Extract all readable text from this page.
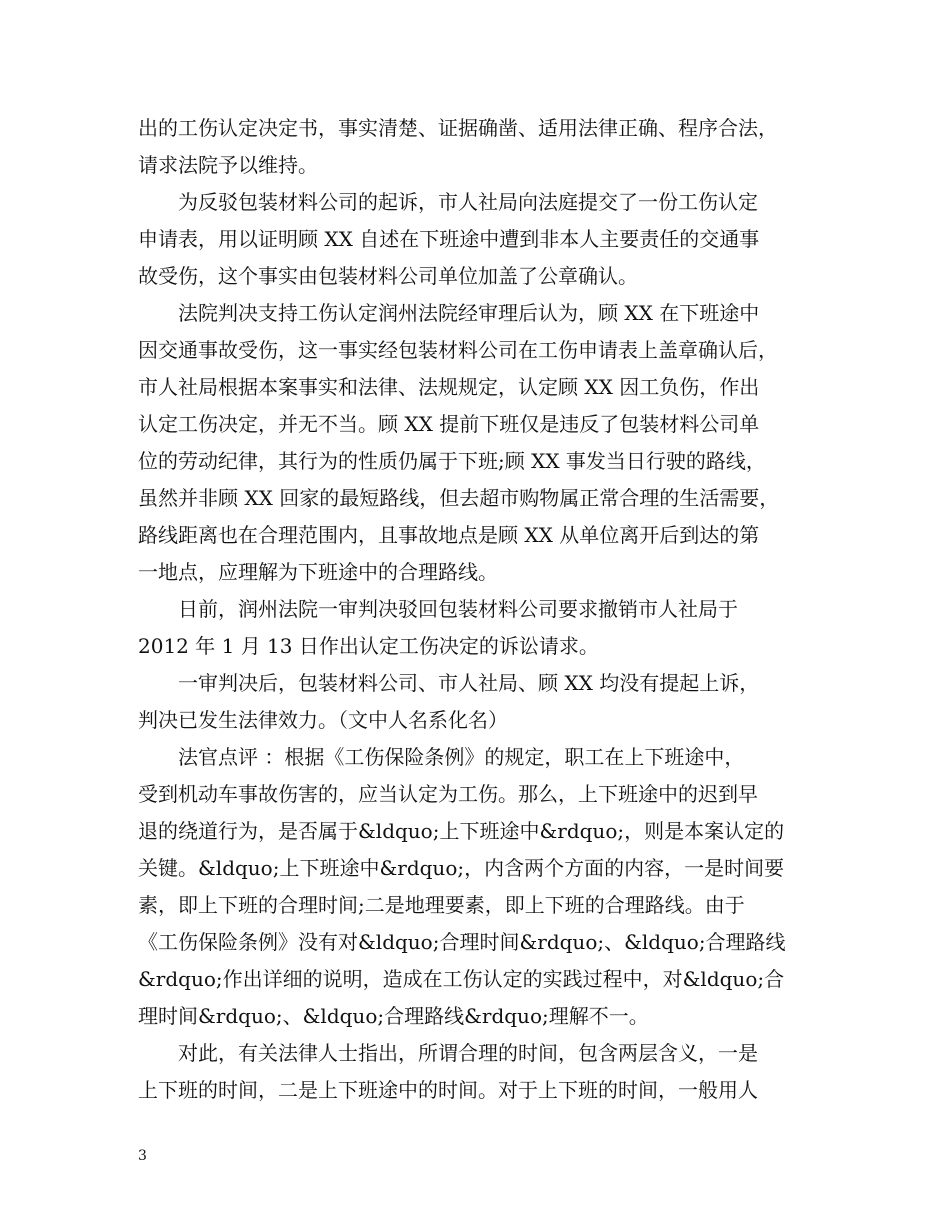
出的工伤认定决定书，事实清楚、证据确凿、适用法律正确、程序合法，
请求法院予以维持。
为反驳包装材料公司的起诉，市人社局向法庭提交了一份工伤认定
申请表，用以证明顾 XX 自述在下班途中遭到非本人主要责任的交通事
故受伤，这个事实由包装材料公司单位加盖了公章确认。
法院判决支持工伤认定润州法院经审理后认为，顾 XX 在下班途中
因交通事故受伤，这一事实经包装材料公司在工伤申请表上盖章确认后，
市人社局根据本案事实和法律、法规规定，认定顾 XX 因工负伤，作出
认定工伤决定，并无不当。顾 XX 提前下班仅是违反了包装材料公司单
位的劳动纪律，其行为的性质仍属于下班;顾 XX 事发当日行驶的路线，
虽然并非顾 XX 回家的最短路线，但去超市购物属正常合理的生活需要，
路线距离也在合理范围内，且事故地点是顾 XX 从单位离开后到达的第
一地点，应理解为下班途中的合理路线。
日前，润州法院一审判决驳回包装材料公司要求撤销市人社局于
2012 年 1 月 13 日作出认定工伤决定的诉讼请求。
一审判决后，包装材料公司、市人社局、顾 XX 均没有提起上诉，
判决已发生法律效力。（文中人名系化名）
法官点评 ：根据《工伤保险条例》的规定，职工在上下班途中，
受到机动车事故伤害的，应当认定为工伤。那么，上下班途中的迟到早
退的绕道行为，是否属于&ldquo;上下班途中&rdquo;，则是本案认定的
关键。&ldquo;上下班途中&rdquo;，内含两个方面的内容，一是时间要
素，即上下班的合理时间;二是地理要素，即上下班的合理路线。由于
《工伤保险条例》没有对&ldquo;合理时间&rdquo;、&ldquo;合理路线
&rdquo;作出详细的说明，造成在工伤认定的实践过程中，对&ldquo;合
理时间&rdquo;、&ldquo;合理路线&rdquo;理解不一。
对此，有关法律人士指出，所谓合理的时间，包含两层含义，一是
上下班的时间，二是上下班途中的时间。对于上下班的时间，一般用人
3
